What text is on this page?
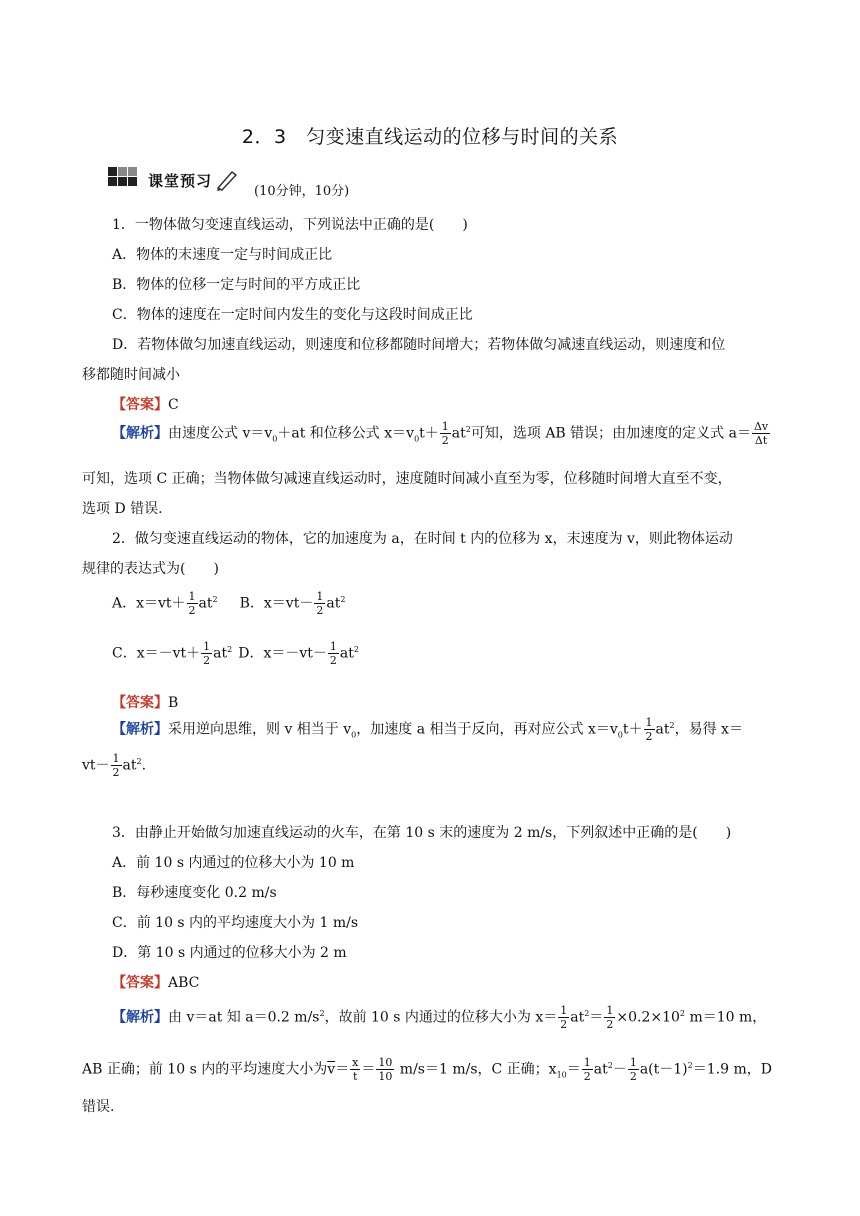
2．3　匀变速直线运动的位移与时间的关系
课堂预习
(10分钟，10分)
1．一物体做匀变速直线运动，下列说法中正确的是(　　)
A．物体的末速度一定与时间成正比
B．物体的位移一定与时间的平方成正比
C．物体的速度在一定时间内发生的变化与这段时间成正比
D．若物体做匀加速直线运动，则速度和位移都随时间增大；若物体做匀减速直线运动，则速度和位
移都随时间减小
【答案】C
【解析】由速度公式 $v=v_0+at$ 和位移公式 $x=v_0t+ \frac{1}{2} at^2$可知，选项 AB 错误；由加速度的定义式 $a= \frac{\Delta v}{\Delta t}$
可知，选项 C 正确；当物体做匀减速直线运动时，速度随时间减小直至为零，位移随时间增大直至不变，
选项 D 错误.
2．做匀变速直线运动的物体，它的加速度为 a，在时间 t 内的位移为 x，末速度为 v，则此物体运动
规律的表达式为(　　)
A．$x=vt+ \frac{1}{2} at^2$ B．$x=vt- \frac{1}{2} at^2$
C．$x=-vt+ \frac{1}{2} at^2$ D．$x=-vt- \frac{1}{2} at^2$
【答案】B
【解析】采用逆向思维，则 v 相当于 $v_0$，加速度 a 相当于反向，再对应公式 $x=v_0t+ \frac{1}{2} at^2$，易得 x＝
$vt- \frac{1}{2} at^2$.
3．由静止开始做匀加速直线运动的火车，在第 10 s 末的速度为 2 m/s，下列叙述中正确的是(　　)
A．前 10 s 内通过的位移大小为 10 m
B．每秒速度变化 0.2 m/s
C．前 10 s 内的平均速度大小为 1 m/s
D．第 10 s 内通过的位移大小为 2 m
【答案】ABC
【解析】由 v＝at 知 a＝0.2 $m/s^2$，故前 10 s 内通过的位移大小为 $x= \frac{1}{2} at^2= \frac{1}{2} \times 0.2\times 10^2$ m＝10 m，
AB 正确；前 10 s 内的平均速度大小为$\overline{v}= \frac{x}{t} = \frac{10}{10} m/s=1$ m/s，C 正确；$x_{10}= \frac{1}{2} at^2- \frac{1}{2} a(t-1)^2=1.9$ m，D
错误.
